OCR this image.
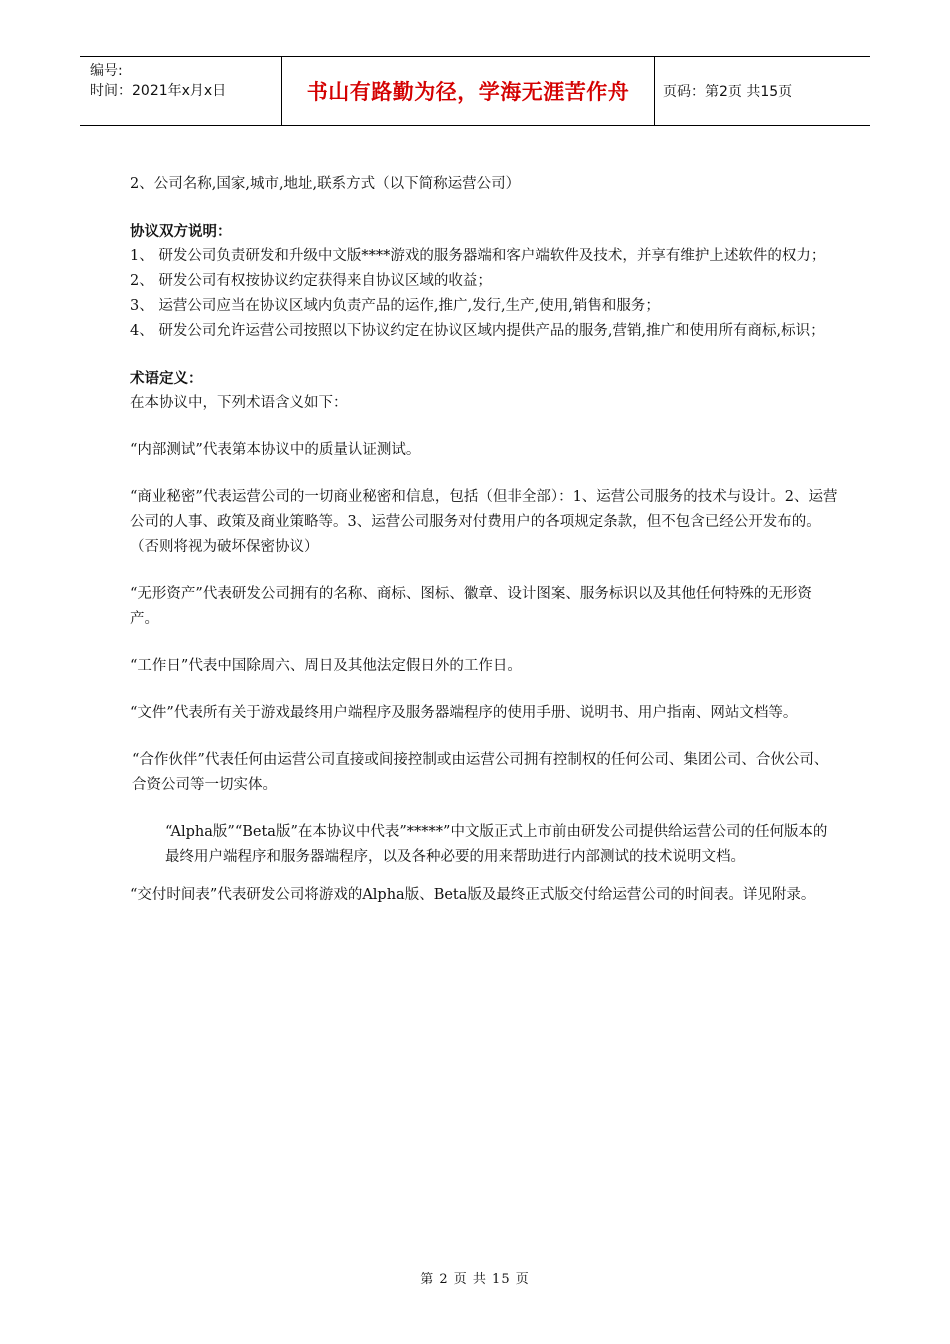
编号:
时间：2021年x月x日	书山有路勤为径，学海无涯苦作舟 页码：第2页 共15页

2、公司名称,国家,城市,地址,联系方式（以下简称运营公司）

协议双方说明：

1、 研发公司负责研发和升级中文版****游戏的服务器端和客户端软件及技术，并享有维护上述软件的权力；

2、 研发公司有权按协议约定获得来自协议区域的收益；

3、 运营公司应当在协议区域内负责产品的运作,推广,发行,生产,使用,销售和服务；

4、 研发公司允许运营公司按照以下协议约定在协议区域内提供产品的服务,营销,推广和使用所有商标,标识；

术语定义：

在本协议中，下列术语含义如下：

“内部测试”代表第本协议中的质量认证测试。

“商业秘密”代表运营公司的一切商业秘密和信息，包括（但非全部）：1、运营公司服务的技术与设计。2、运营公司的人事、政策及商业策略等。3、运营公司服务对付费用户的各项规定条款，但不包含已经公开发布的。（否则将视为破坏保密协议）

“无形资产”代表研发公司拥有的名称、商标、图标、徽章、设计图案、服务标识以及其他任何特殊的无形资产。

“工作日”代表中国除周六、周日及其他法定假日外的工作日。

“文件”代表所有关于游戏最终用户端程序及服务器端程序的使用手册、说明书、用户指南、网站文档等。

“合作伙伴”代表任何由运营公司直接或间接控制或由运营公司拥有控制权的任何公司、集团公司、合伙公司、合资公司等一切实体。

“Alpha版”“Beta版”在本协议中代表”*****”中文版正式上市前由研发公司提供给运营公司的任何版本的最终用户端程序和服务器端程序，以及各种必要的用来帮助进行内部测试的技术说明文档。

“交付时间表”代表研发公司将游戏的Alpha版、Beta版及最终正式版交付给运营公司的时间表。详见附录。

第 2 页 共 15 页
